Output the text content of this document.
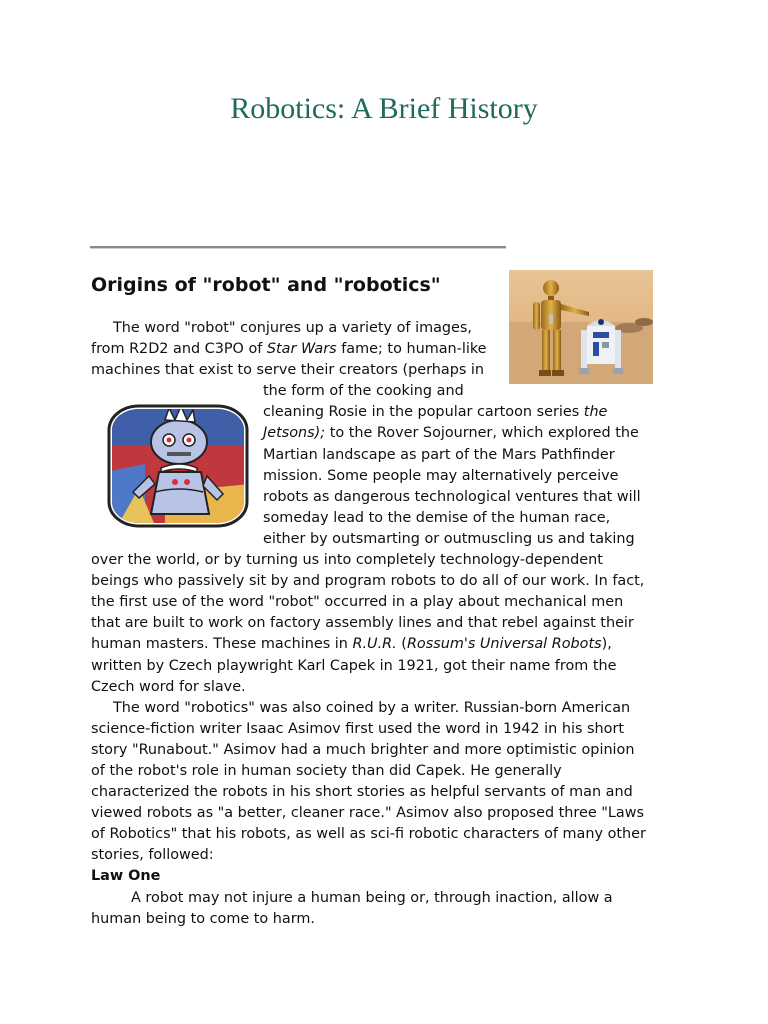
Robotics: A Brief History
Origins of "robot" and "robotics"

The word "robot" conjures up a variety of images, from R2D2 and C3PO of Star Wars fame; to human-like machines that exist to serve their creators (perhaps in the form of the cooking and cleaning Rosie in the popular cartoon series the Jetsons); to the Rover Sojourner, which explored the Martian landscape as part of the Mars Pathfinder mission. Some people may alternatively perceive robots as dangerous technological ventures that will someday lead to the demise of the human race, either by outsmarting or outmuscling us and taking over the world, or by turning us into completely technology-dependent beings who passively sit by and program robots to do all of our work. In fact, the first use of the word "robot" occurred in a play about mechanical men that are built to work on factory assembly lines and that rebel against their human masters. These machines in R.U.R. (Rossum's Universal Robots), written by Czech playwright Karl Capek in 1921, got their name from the Czech word for slave.

The word "robotics" was also coined by a writer. Russian-born American science-fiction writer Isaac Asimov first used the word in 1942 in his short story "Runabout." Asimov had a much brighter and more optimistic opinion of the robot's role in human society than did Capek. He generally characterized the robots in his short stories as helpful servants of man and viewed robots as "a better, cleaner race." Asimov also proposed three "Laws of Robotics" that his robots, as well as sci-fi robotic characters of many other stories, followed:

Law One

A robot may not injure a human being or, through inaction, allow a human being to come to harm.
